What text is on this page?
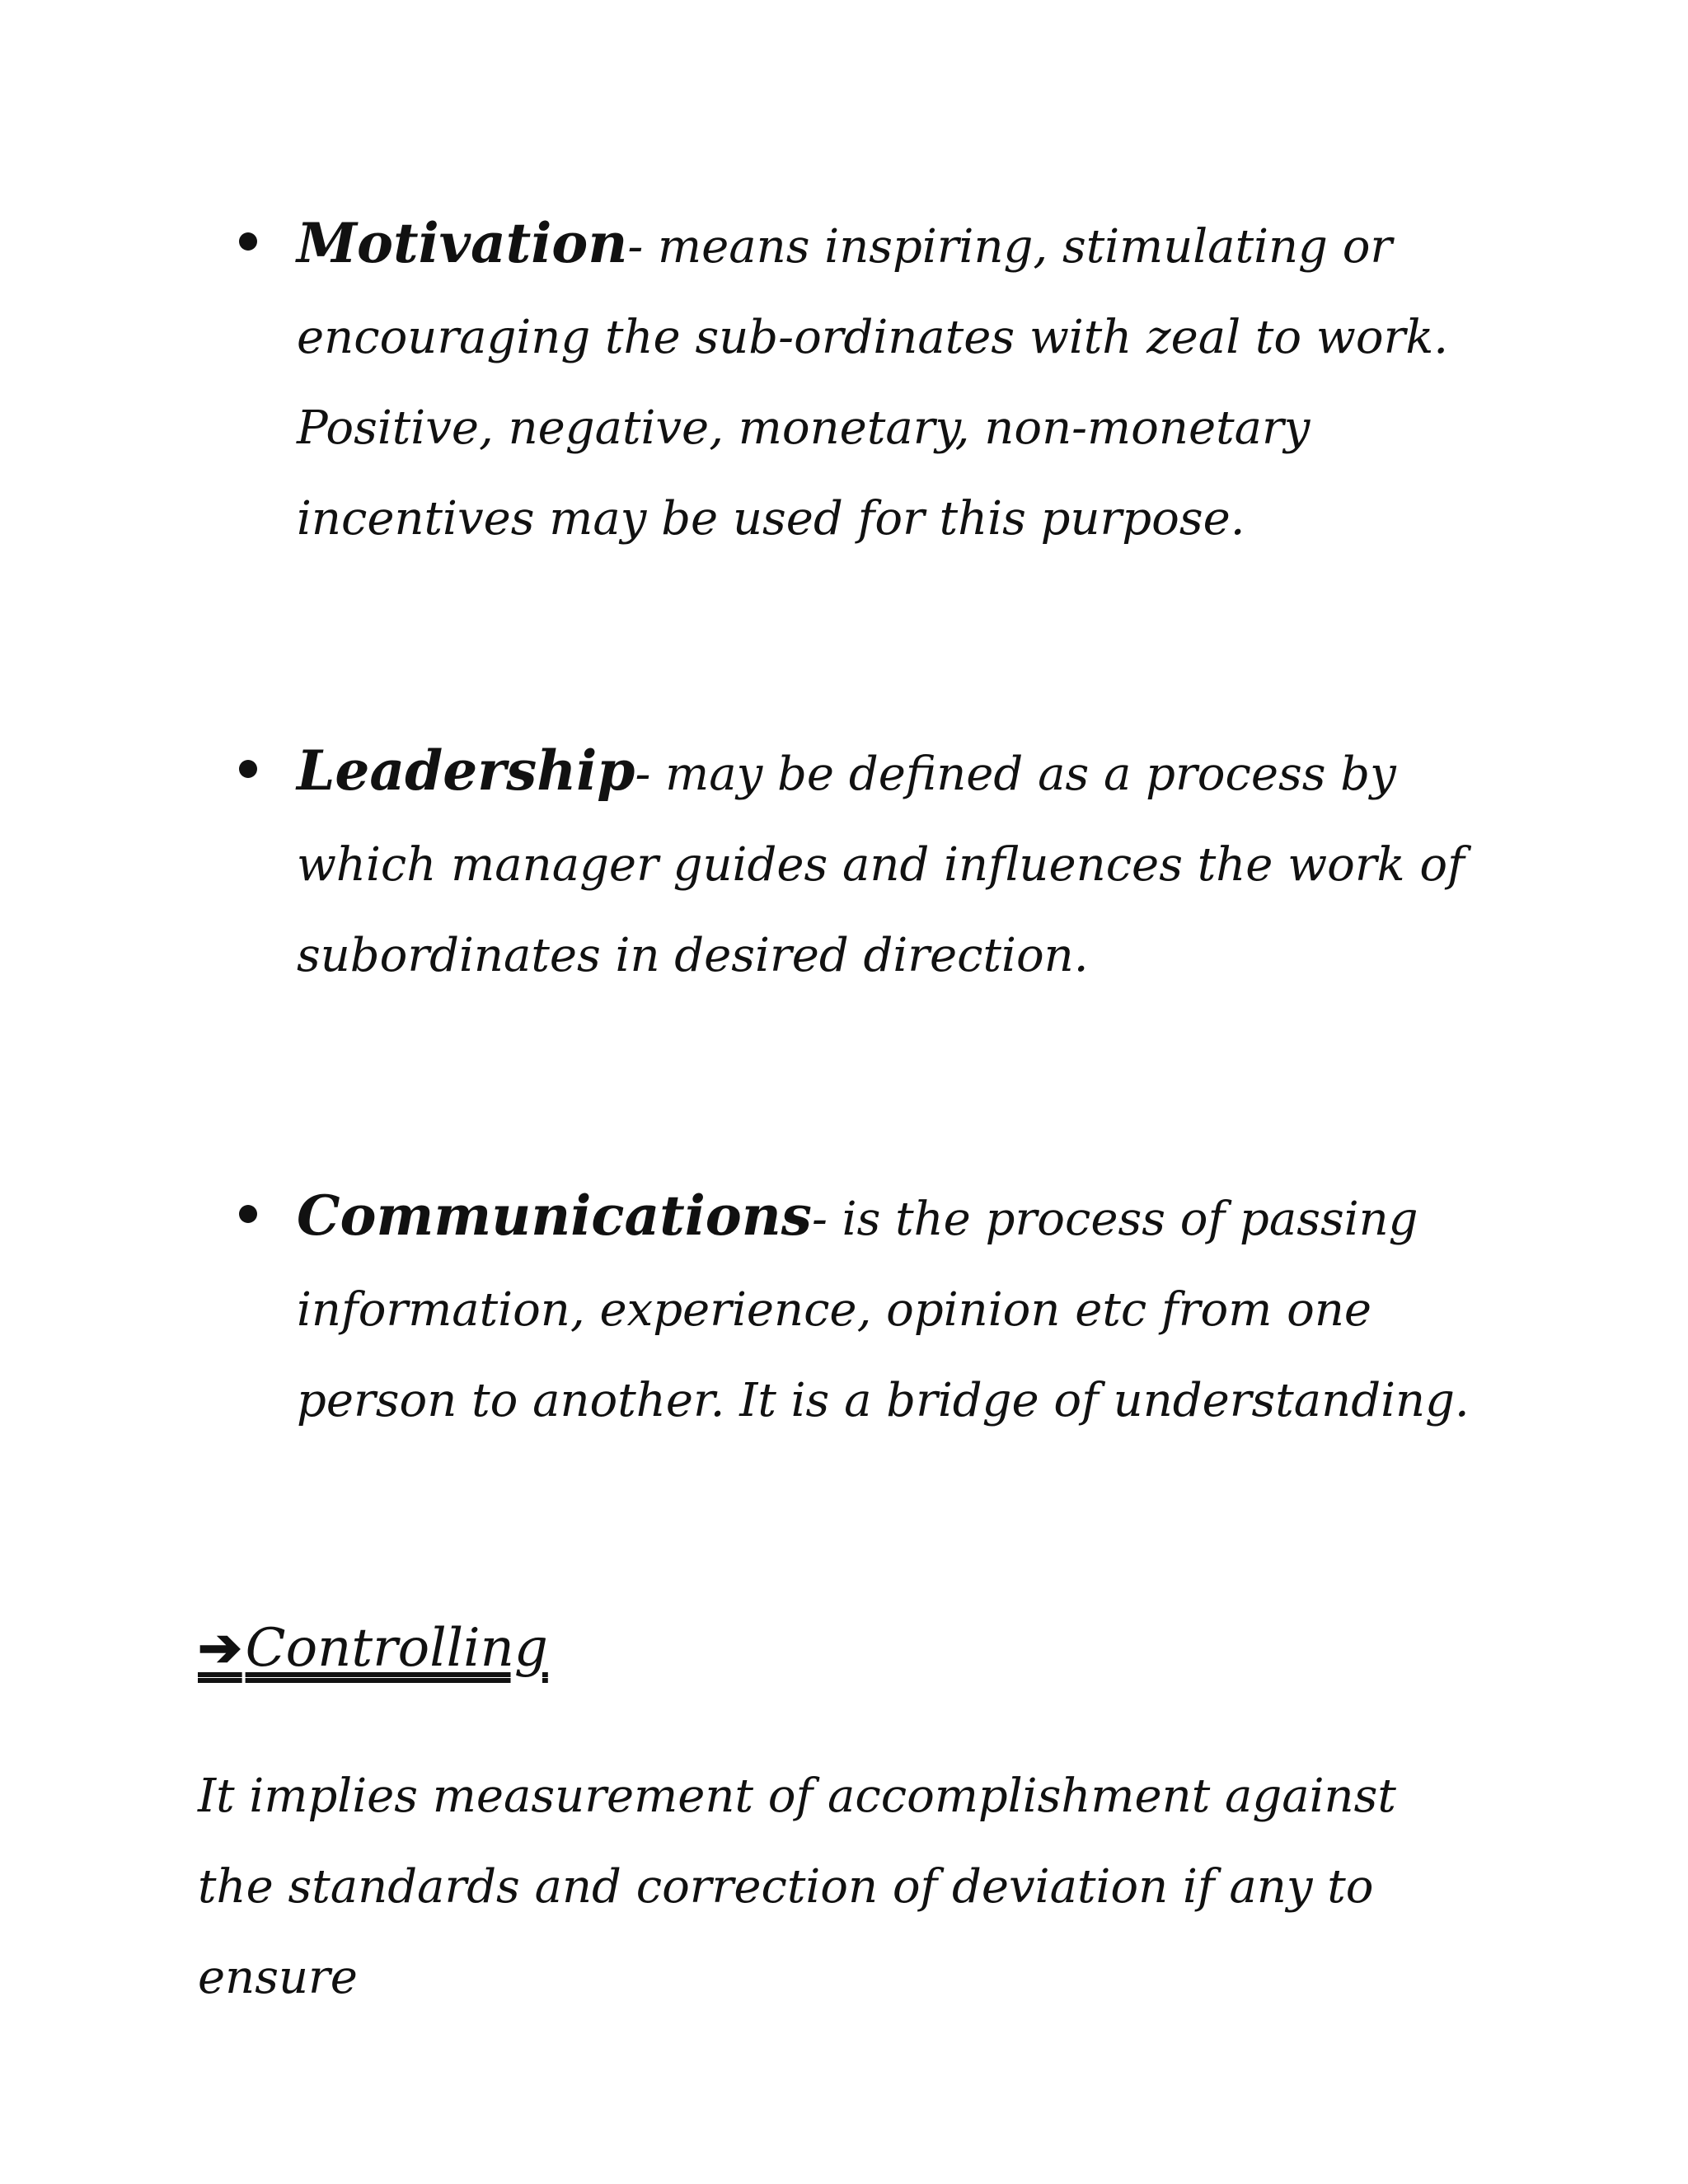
Motivation- means inspiring, stimulating or encouraging the sub-ordinates with zeal to work. Positive, negative, monetary, non-monetary incentives may be used for this purpose.
Leadership- may be defined as a process by which manager guides and influences the work of subordinates in desired direction.
Communications- is the process of passing information, experience, opinion etc from one person to another. It is a bridge of understanding.
➔Controlling
It implies measurement of accomplishment against the standards and correction of deviation if any to ensure
